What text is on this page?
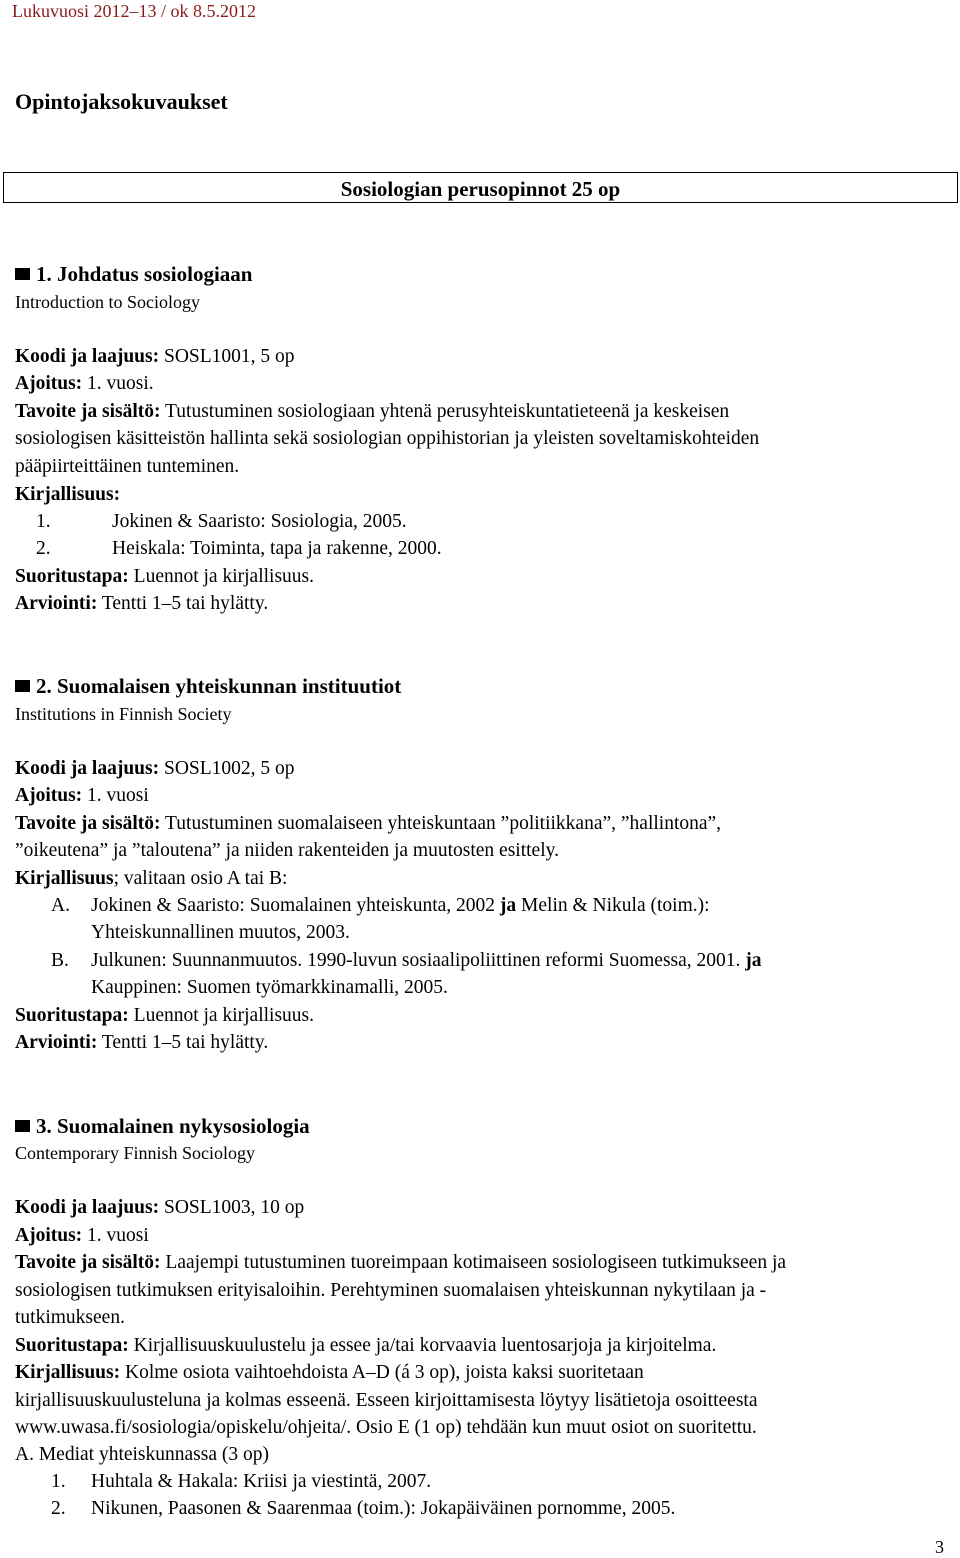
Lukuvuosi 2012–13 / ok 8.5.2012
Opintojaksokuvaukset
Sosiologian perusopinnot 25 op
1. Johdatus sosiologiaan
Introduction to Sociology
Koodi ja laajuus: SOSL1001, 5 op
Ajoitus: 1. vuosi.
Tavoite ja sisältö: Tutustuminen sosiologiaan yhtenä perusyhteiskuntatieteenä ja keskeisen
sosiologisen käsitteistön hallinta sekä sosiologian oppihistorian ja yleisten soveltamiskohteiden
pääpiirteittäinen tunteminen.
Kirjallisuus:
1.	Jokinen & Saaristo: Sosiologia, 2005.
2.	Heiskala: Toiminta, tapa ja rakenne, 2000.
Suoritustapa: Luennot ja kirjallisuus.
Arviointi: Tentti 1–5 tai hylätty.
2. Suomalaisen yhteiskunnan instituutiot
Institutions in Finnish Society
Koodi ja laajuus: SOSL1002, 5 op
Ajoitus: 1. vuosi
Tavoite ja sisältö: Tutustuminen suomalaiseen yhteiskuntaan ”politiikkana”, ”hallintona”,
”oikeutena” ja ”taloutena” ja niiden rakenteiden ja muutosten esittely.
Kirjallisuus; valitaan osio A tai B:
A. Jokinen & Saaristo: Suomalainen yhteiskunta, 2002 ja Melin & Nikula (toim.):
Yhteiskunnallinen muutos, 2003.
B. Julkunen: Suunnanmuutos. 1990-luvun sosiaalipoliittinen reformi Suomessa, 2001. ja
Kauppinen: Suomen työmarkkinamalli, 2005.
Suoritustapa: Luennot ja kirjallisuus.
Arviointi: Tentti 1–5 tai hylätty.
3. Suomalainen nykysosiologia
Contemporary Finnish Sociology
Koodi ja laajuus: SOSL1003, 10 op
Ajoitus: 1. vuosi
Tavoite ja sisältö: Laajempi tutustuminen tuoreimpaan kotimaiseen sosiologiseen tutkimukseen ja
sosiologisen tutkimuksen erityisaloihin. Perehtyminen suomalaisen yhteiskunnan nykytilaan ja -
tutkimukseen.
Suoritustapa: Kirjallisuuskuulustelu ja essee ja/tai korvaavia luentosarjoja ja kirjoitelma.
Kirjallisuus: Kolme osiota vaihtoehdoista A–D (á 3 op), joista kaksi suoritetaan
kirjallisuuskuulusteluna ja kolmas esseenä. Esseen kirjoittamisesta löytyy lisätietoja osoitteesta
www.uwasa.fi/sosiologia/opiskelu/ohjeita/. Osio E (1 op) tehdään kun muut osiot on suoritettu.
A. Mediat yhteiskunnassa (3 op)
1. Huhtala & Hakala: Kriisi ja viestintä, 2007.
2. Nikunen, Paasonen & Saarenmaa (toim.): Jokapäiväinen pornomme, 2005.
3
